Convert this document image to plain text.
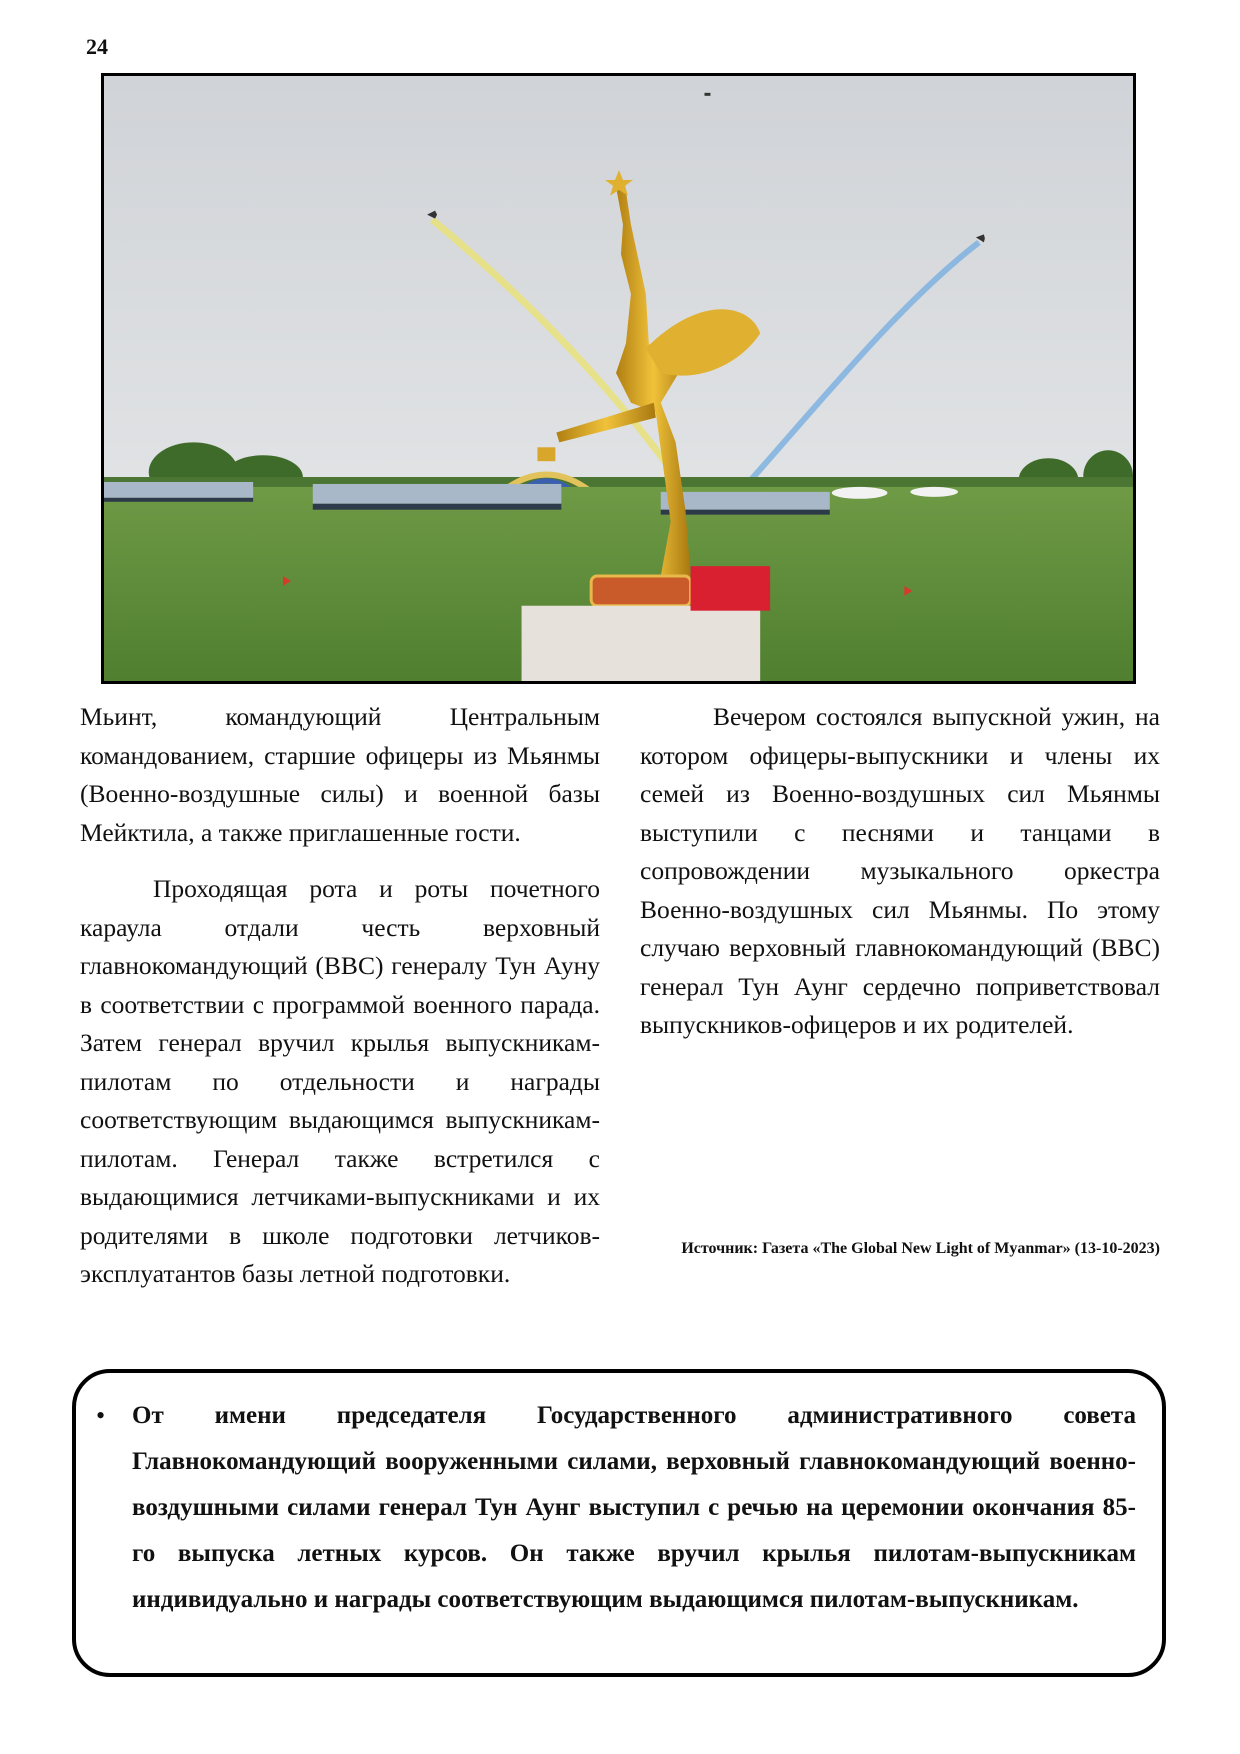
24

Мьинт, командующий Центральным командованием, старшие офицеры из Мьянмы (Военно-воздушные силы) и военной базы Мейктила, а также приглашенные гости.

Проходящая рота и роты почетного караула отдали честь верховный главнокомандующий (ВВС) генералу Тун Ауну в соответствии с программой военного парада. Затем генерал вручил крылья выпускникам-пилотам по отдельности и награды соответствующим выдающимся выпускникам-пилотам. Генерал также встретился с выдающимися летчиками-выпускниками и их родителями в школе подготовки летчиков-эксплуатантов базы летной подготовки.

Вечером состоялся выпускной ужин, на котором офицеры-выпускники и члены их семей из Военно-воздушных сил Мьянмы выступили с песнями и танцами в сопровождении музыкального оркестра Военно-воздушных сил Мьянмы. По этому случаю верховный главнокомандующий (ВВС) генерал Тун Аунг сердечно поприветствовал выпускников-офицеров и их родителей.

Источник: Газета «The Global New Light of Myanmar» (13-10-2023)
• От имени председателя Государственного административного совета Главнокомандующий вооруженными силами, верховный главнокомандующий военно-воздушными силами генерал Тун Аунг выступил с речью на церемонии окончания 85-го выпуска летных курсов. Он также вручил крылья пилотам-выпускникам индивидуально и награды соответствующим выдающимся пилотам-выпускникам.
